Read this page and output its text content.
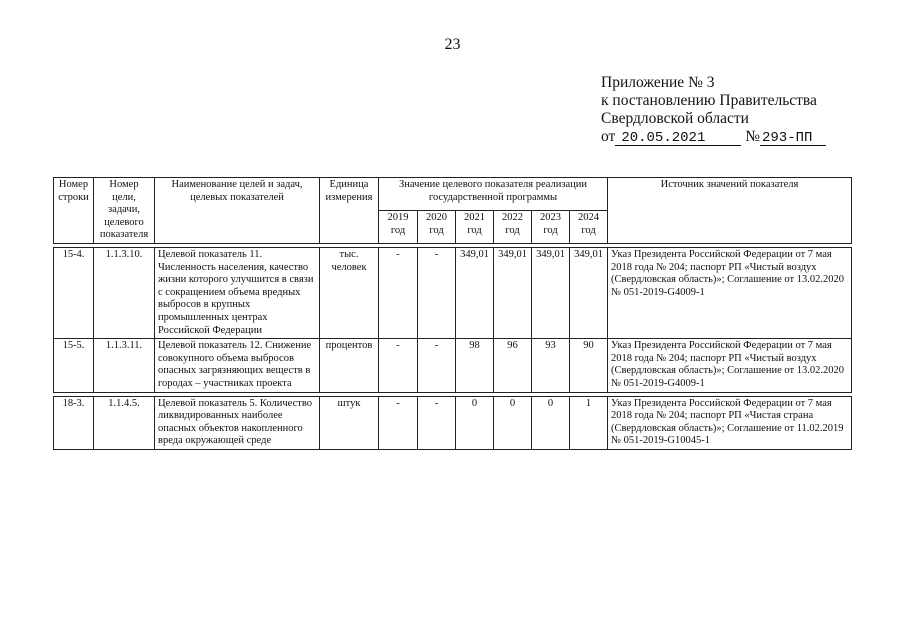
23
Приложение № 3
к постановлению Правительства
Свердловской области
от 20.05.2021	№ 293-ПП
Номер строки	Номер цели, задачи, целевого показателя	Наименование целей и задач, целевых показателей	Единица измерения	Значение целевого показателя реализации государственной программы						Источник значений показателя
				2019 год	2020 год	2021 год	2022 год	2023 год	2024 год	

15-4.	1.1.3.10.	Целевой показатель 11. Численность населения, качество жизни которого улучшится в связи с сокращением объема вредных выбросов в крупных промышленных центрах Российской Федерации	тыс. человек	-	-	349,01	349,01	349,01	349,01	Указ Президента Российской Федерации от 7 мая 2018 года № 204; паспорт РП «Чистый воздух (Свердловская область)»; Соглашение от 13.02.2020 № 051-2019-G4009-1
15-5.	1.1.3.11.	Целевой показатель 12. Снижение совокупного объема выбросов опасных загрязняющих веществ в городах – участниках проекта	процентов	-	-	98	96	93	90	Указ Президента Российской Федерации от 7 мая 2018 года № 204; паспорт РП «Чистый воздух (Свердловская область)»; Соглашение от 13.02.2020 № 051-2019-G4009-1

18-3.	1.1.4.5.	Целевой показатель 5. Количество ликвидированных наиболее опасных объектов накопленного вреда окружающей среде	штук	-	-	0	0	0	1	Указ Президента Российской Федерации от 7 мая 2018 года № 204; паспорт РП «Чистая страна (Свердловская область)»; Соглашение от 11.02.2019 № 051-2019-G10045-1
